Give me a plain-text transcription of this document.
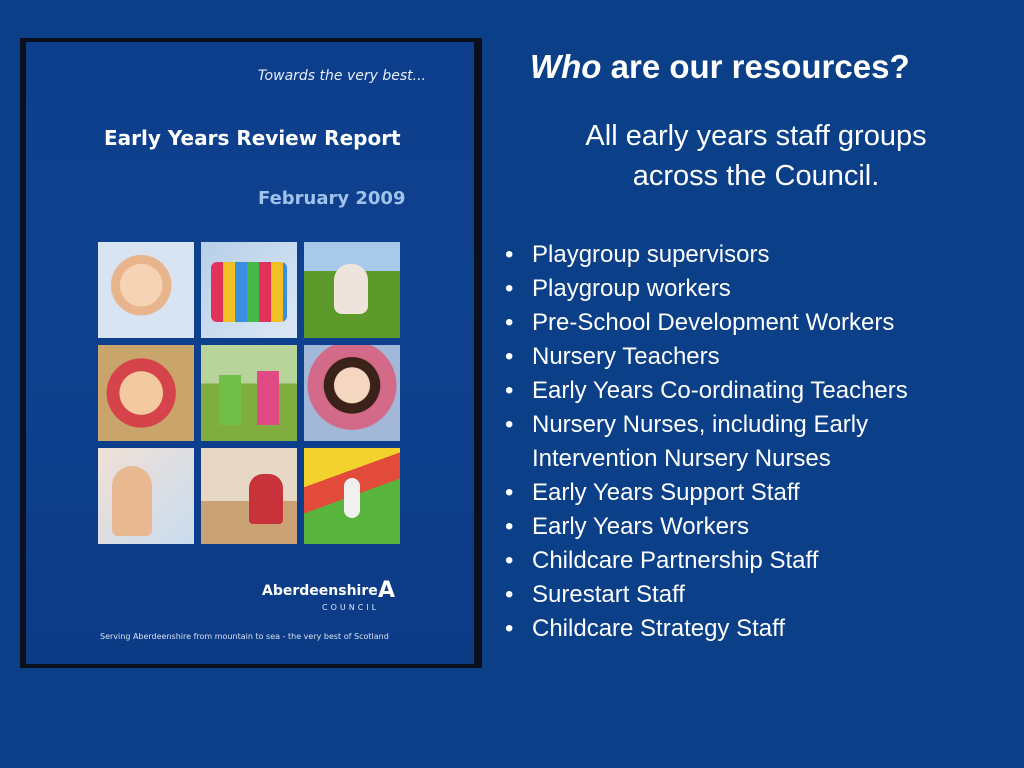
Towards the very best...
Early Years Review Report
February 2009
Aberdeenshire A
COUNCIL
Serving Aberdeenshire from mountain to sea - the very best of Scotland
Who are our resources?
All early years staff groups
across the Council.
• Playgroup supervisors
• Playgroup workers
• Pre-School Development Workers
• Nursery Teachers
• Early Years Co-ordinating Teachers
• Nursery Nurses, including Early
Intervention Nursery Nurses
• Early Years Support Staff
• Early Years Workers
• Childcare Partnership Staff
• Surestart Staff
• Childcare Strategy Staff
